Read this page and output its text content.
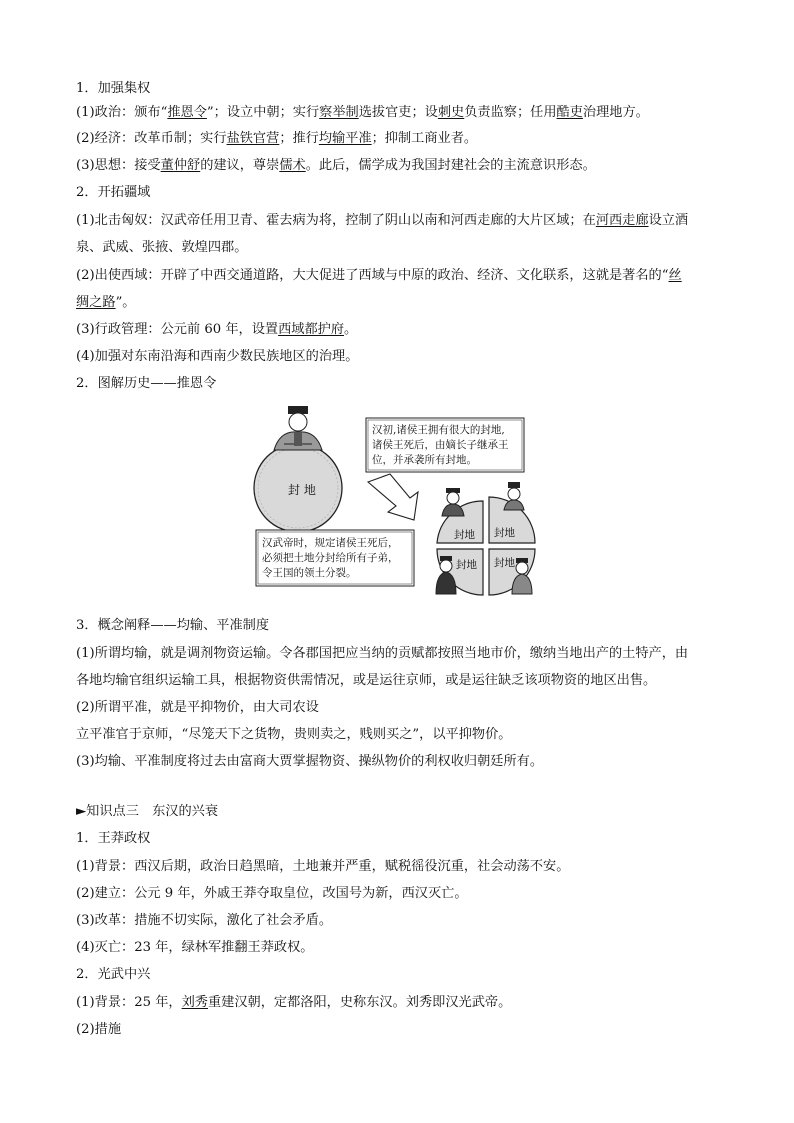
1．加强集权
(1)政治：颁布“推恩令”；设立中朝；实行察举制选拔官吏；设刺史负责监察；任用酷吏治理地方。
(2)经济：改革币制；实行盐铁官营；推行均输平准；抑制工商业者。
(3)思想：接受董仲舒的建议，尊崇儒术。此后，儒学成为我国封建社会的主流意识形态。
2．开拓疆域
(1)北击匈奴：汉武帝任用卫青、霍去病为将，控制了阴山以南和河西走廊的大片区域；在河西走廊设立酒
泉、武威、张掖、敦煌四郡。
(2)出使西域：开辟了中西交通道路，大大促进了西域与中原的政治、经济、文化联系，这就是著名的“丝
绸之路”。
(3)行政管理：公元前 60 年，设置西域都护府。
(4)加强对东南沿海和西南少数民族地区的治理。
2．图解历史——推恩令
封 地
汉初,诸侯王拥有很大的封地,
诸侯王死后，由嫡长子继承王
位，并承袭所有封地。
汉武帝时，规定诸侯王死后，
必须把土地分封给所有子弟，
令王国的领土分裂。
封地 封地
封地 封地
3．概念阐释——均输、平准制度
(1)所谓均输，就是调剂物资运输。令各郡国把应当纳的贡赋都按照当地市价，缴纳当地出产的土特产，由
各地均输官组织运输工具，根据物资供需情况，或是运往京师，或是运往缺乏该项物资的地区出售。
(2)所谓平准，就是平抑物价，由大司农设
立平准官于京师，“尽笼天下之货物，贵则卖之，贱则买之”，以平抑物价。
(3)均输、平准制度将过去由富商大贾掌握物资、操纵物价的利权收归朝廷所有。
►知识点三　东汉的兴衰
1．王莽政权
(1)背景：西汉后期，政治日趋黑暗，土地兼并严重，赋税徭役沉重，社会动荡不安。
(2)建立：公元 9 年，外戚王莽夺取皇位，改国号为新，西汉灭亡。
(3)改革：措施不切实际，激化了社会矛盾。
(4)灭亡：23 年，绿林军推翻王莽政权。
2．光武中兴
(1)背景：25 年，刘秀重建汉朝，定都洛阳，史称东汉。刘秀即汉光武帝。
(2)措施
